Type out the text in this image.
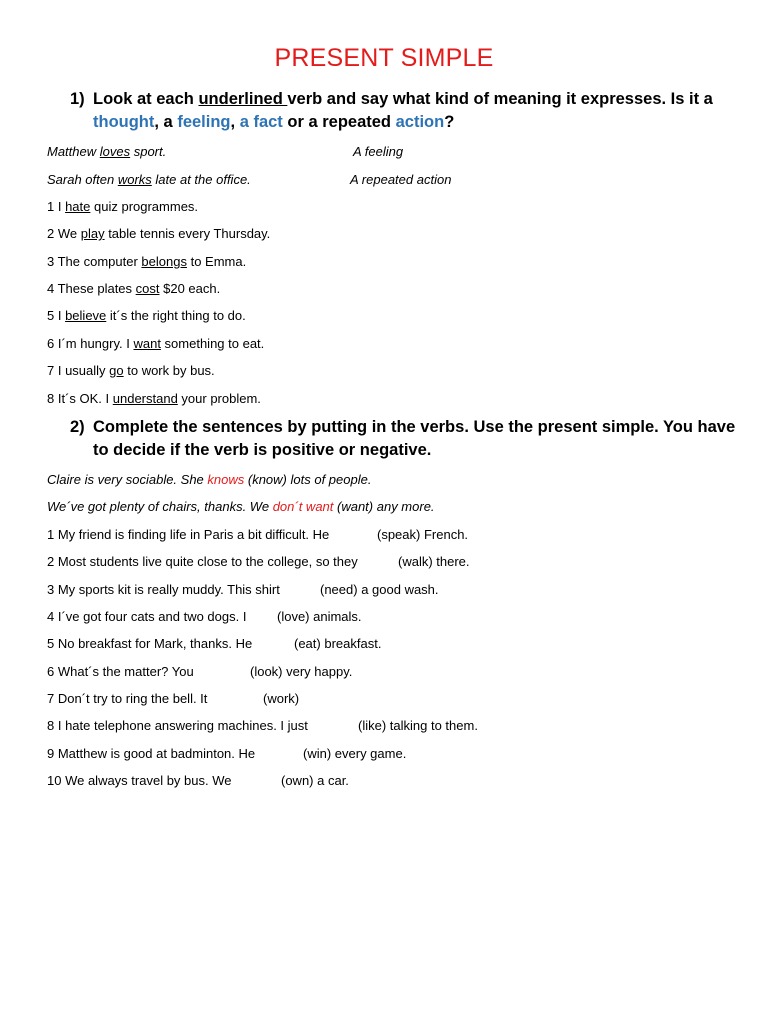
PRESENT SIMPLE
1) Look at each underlined verb and say what kind of meaning it expresses. Is it a
thought, a feeling, a fact or a repeated action?
Matthew loves sport.	A feeling
Sarah often works late at the office.	A repeated action
1 I hate quiz programmes.
2 We play table tennis every Thursday.
3 The computer belongs to Emma.
4 These plates cost $20 each.
5 I believe it´s the right thing to do.
6 I´m hungry. I want something to eat.
7 I usually go to work by bus.
8 It´s OK. I understand your problem.
2) Complete the sentences by putting in the verbs. Use the present simple. You have
to decide if the verb is positive or negative.
Claire is very sociable. She knows (know) lots of people.
We´ve got plenty of chairs, thanks. We don´t want (want) any more.
1 My friend is finding life in Paris a bit difficult. He	(speak) French.
2 Most students live quite close to the college, so they	(walk) there.
3 My sports kit is really muddy. This shirt	(need) a good wash.
4 I´ve got four cats and two dogs. I (love) animals.
5 No breakfast for Mark, thanks. He	(eat) breakfast.
6 What´s the matter? You	(look) very happy.
7 Don´t try to ring the bell. It	(work)
8 I hate telephone answering machines. I just	(like) talking to them.
9 Matthew is good at badminton. He	(win) every game.
10 We always travel by bus. We	(own) a car.
